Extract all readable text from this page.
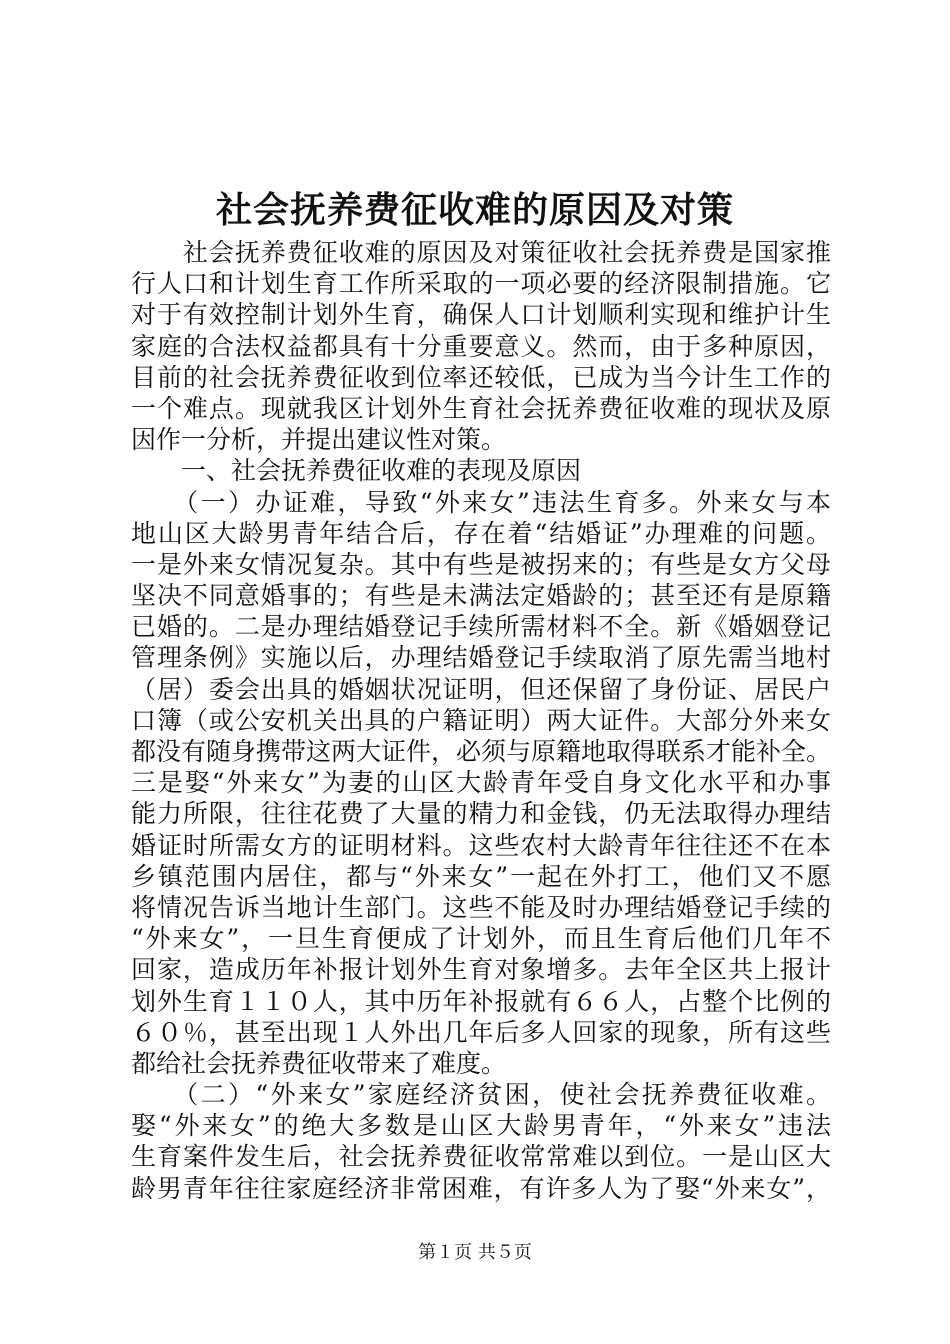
社会抚养费征收难的原因及对策
　　社会抚养费征收难的原因及对策征收社会抚养费是国家推
行人口和计划生育工作所采取的一项必要的经济限制措施。它
对于有效控制计划外生育，确保人口计划顺利实现和维护计生
家庭的合法权益都具有十分重要意义。然而，由于多种原因，
目前的社会抚养费征收到位率还较低，已成为当今计生工作的
一个难点。现就我区计划外生育社会抚养费征收难的现状及原
因作一分析，并提出建议性对策。
　　一、社会抚养费征收难的表现及原因
　　（一）办证难，导致“外来女”违法生育多。外来女与本
地山区大龄男青年结合后，存在着“结婚证”办理难的问题。
一是外来女情况复杂。其中有些是被拐来的；有些是女方父母
坚决不同意婚事的；有些是未满法定婚龄的；甚至还有是原籍
已婚的。二是办理结婚登记手续所需材料不全。新《婚姻登记
管理条例》实施以后，办理结婚登记手续取消了原先需当地村
（居）委会出具的婚姻状况证明，但还保留了身份证、居民户
口簿（或公安机关出具的户籍证明）两大证件。大部分外来女
都没有随身携带这两大证件，必须与原籍地取得联系才能补全。
三是娶“外来女”为妻的山区大龄青年受自身文化水平和办事
能力所限，往往花费了大量的精力和金钱，仍无法取得办理结
婚证时所需女方的证明材料。这些农村大龄青年往往还不在本
乡镇范围内居住，都与“外来女”一起在外打工，他们又不愿
将情况告诉当地计生部门。这些不能及时办理结婚登记手续的
“外来女”，一旦生育便成了计划外，而且生育后他们几年不
回家，造成历年补报计划外生育对象增多。去年全区共上报计
划外生育１１０人，其中历年补报就有６６人，占整个比例的
６０％，甚至出现１人外出几年后多人回家的现象，所有这些
都给社会抚养费征收带来了难度。
　　（二）“外来女”家庭经济贫困，使社会抚养费征收难。
娶“外来女”的绝大多数是山区大龄男青年，“外来女”违法
生育案件发生后，社会抚养费征收常常难以到位。一是山区大
龄男青年往往家庭经济非常困难，有许多人为了娶“外来女”，
第１页 共５页
